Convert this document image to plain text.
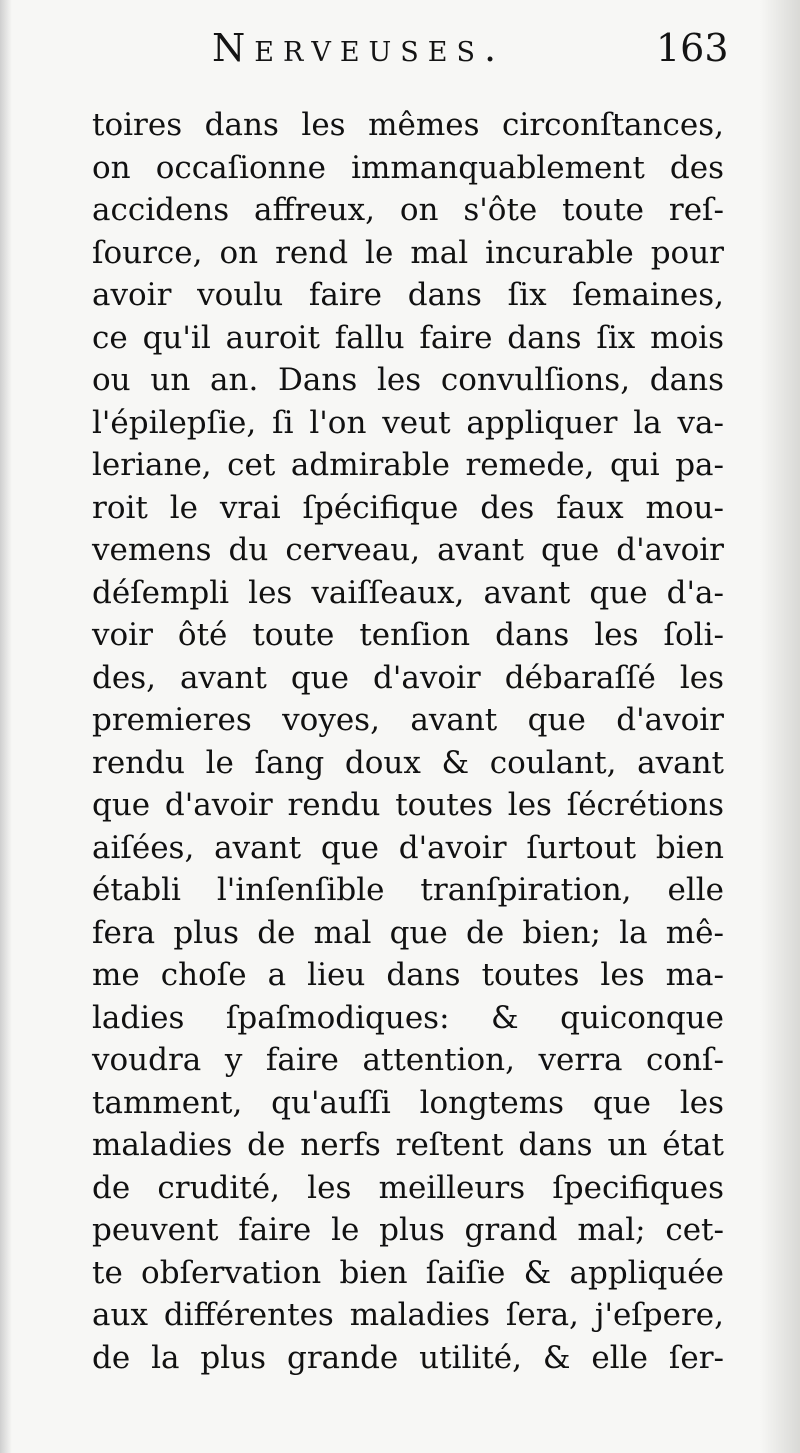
Nerveuses.	163
toires dans les mêmes circonſtances,
on occaſionne immanquablement des
accidens affreux, on s'ôte toute reſ-
ſource, on rend le mal incurable pour
avoir voulu faire dans ſix ſemaines,
ce qu'il auroit fallu faire dans ſix mois
ou un an. Dans les convulſions, dans
l'épilepſie, ſi l'on veut appliquer la va-
leriane, cet admirable remede, qui pa-
roit le vrai ſpécifique des faux mou-
vemens du cerveau, avant que d'avoir
déſempli les vaiſſeaux, avant que d'a-
voir ôté toute tenſion dans les ſoli-
des, avant que d'avoir débaraſſé les
premieres voyes, avant que d'avoir
rendu le ſang doux & coulant, avant
que d'avoir rendu toutes les ſécrétions
aiſées, avant que d'avoir ſurtout bien
établi l'inſenſible tranſpiration, elle
fera plus de mal que de bien; la mê-
me choſe a lieu dans toutes les ma-
ladies ſpaſmodiques: & quiconque
voudra y faire attention, verra conſ-
tamment, qu'auſſi longtems que les
maladies de nerfs reſtent dans un état
de crudité, les meilleurs ſpecifiques
peuvent faire le plus grand mal; cet-
te obſervation bien ſaiſie & appliquée
aux différentes maladies ſera, j'eſpere,
de la plus grande utilité, & elle ſer-
